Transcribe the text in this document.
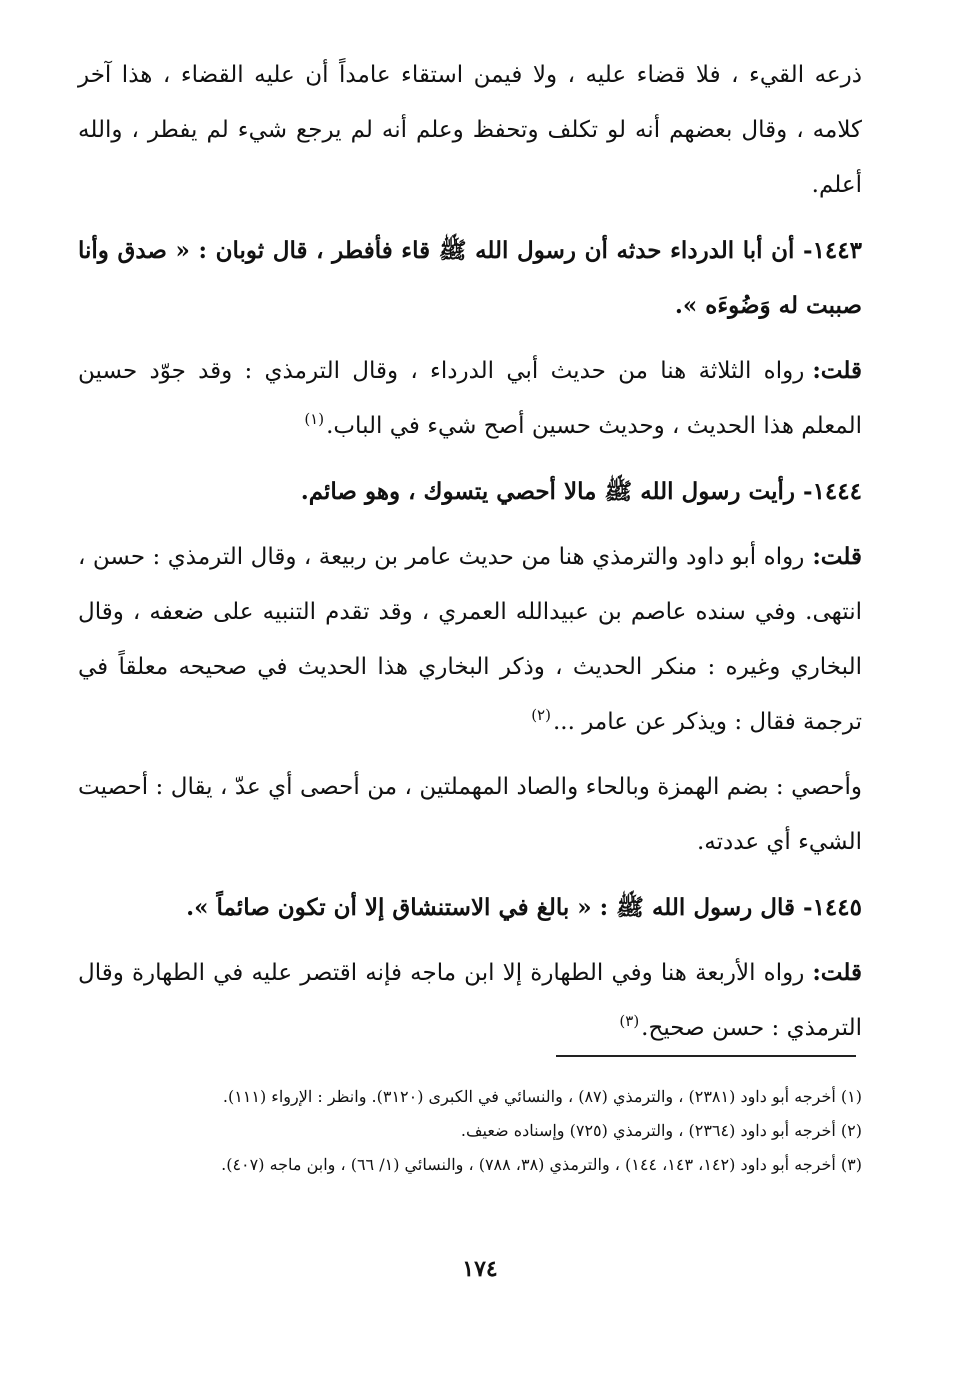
ذرعه القيء ، فلا قضاء عليه ، ولا فيمن استقاء عامداً أن عليه القضاء ، هذا آخر كلامه ، وقال بعضهم أنه لو تكلف وتحفظ وعلم أنه لم يرجع شيء لم يفطر ، والله أعلم.

١٤٤٣- أن أبا الدرداء حدثه أن رسول الله ﷺ قاء فأفطر ، قال ثوبان : « صدق وأنا صببت له وَضُوءَه ».

قلت:رواه الثلاثة هنا من حديث أبي الدرداء ، وقال الترمذي : وقد جوّد حسين المعلم هذا الحديث ، وحديث حسين أصح شيء في الباب.$^{(١)}$

١٤٤٤- رأيت رسول الله ﷺ مالا أحصي يتسوك ، وهو صائم.

قلت:رواه أبو داود والترمذي هنا من حديث عامر بن ربيعة ، وقال الترمذي : حسن ، انتهى. وفي سنده عاصم بن عبيدالله العمري ، وقد تقدم التنبيه على ضعفه ، وقال البخاري وغيره : منكر الحديث ، وذكر البخاري هذا الحديث في صحيحه معلقاً في ترجمة فقال : ويذكر عن عامر ...$^{(٢)}$

وأحصي : بضم الهمزة وبالحاء والصاد المهملتين ، من أحصى أي عدّ ، يقال : أحصيت الشيء أي عددته.

١٤٤٥- قال رسول الله ﷺ : « بالغ في الاستنشاق إلا أن تكون صائماً ».

قلت:رواه الأربعة هنا وفي الطهارة إلا ابن ماجه فإنه اقتصر عليه في الطهارة وقال الترمذي : حسن صحيح.$^{(٣)}$

(١) أخرجه أبو داود (٢٣٨١) ، والترمذي (٨٧) ، والنسائي في الكبرى (٣١٢٠). وانظر : الإرواء (١١١).

(٢) أخرجه أبو داود (٢٣٦٤) ، والترمذي (٧٢٥) وإسناده ضعيف.

(٣) أخرجه أبو داود (١٤٢، ١٤٣، ١٤٤) ، والترمذي (٣٨، ٧٨٨) ، والنسائي (١/ ٦٦) ، وابن ماجه (٤٠٧).

١٧٤
